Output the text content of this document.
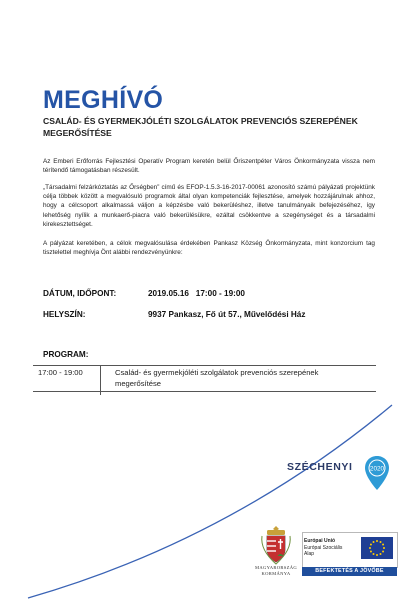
MEGHÍVÓ
CSALÁD- ÉS GYERMEKJÓLÉTI SZOLGÁLATOK PREVENCIÓS SZEREPÉNEK MEGERŐSÍTÉSE
Az Emberi Erőforrás Fejlesztési Operatív Program keretén belül Őriszentpéter Város Önkormányzata vissza nem térítendő támogatásban részesült.
„Társadalmi felzárkóztatás az Őrségben” című és EFOP-1.5.3-16-2017-00061 azonosító számú pályázati projektünk célja többek között a megvalósuló programok által olyan kompetenciák fejlesztése, amelyek hozzájárulnak ahhoz, hogy a célcsoport alkalmassá váljon a képzésbe való bekerüléshez, illetve tanulmányaik befejezéséhez, így lehetőség nyílik a munkaerő-piacra való bekerülésükre, ezáltal csökkentve a szegénységet és a társadalmi kirekesztettséget.
A pályázat keretében, a célok megvalósulása érdekében Pankasz Község Önkormányzata, mint konzorcium tag tisztelettel meghívja Önt alábbi rendezvényünkre:
DÁTUM, IDŐPONT:	2019.05.16   17:00 - 19:00
HELYSZÍN:	9937 Pankasz, Fő út 57., Művelődési Ház
PROGRAM:
17:00 - 19:00	Család- és gyermekjóléti szolgálatok prevenciós szerepének megerősítése
SZÉCHENYI	2020
MAGYARORSZÁG
KORMÁNYA
Európai Unió
Európai Szociális
Alap
BEFEKTETÉS A JÖVŐBE
